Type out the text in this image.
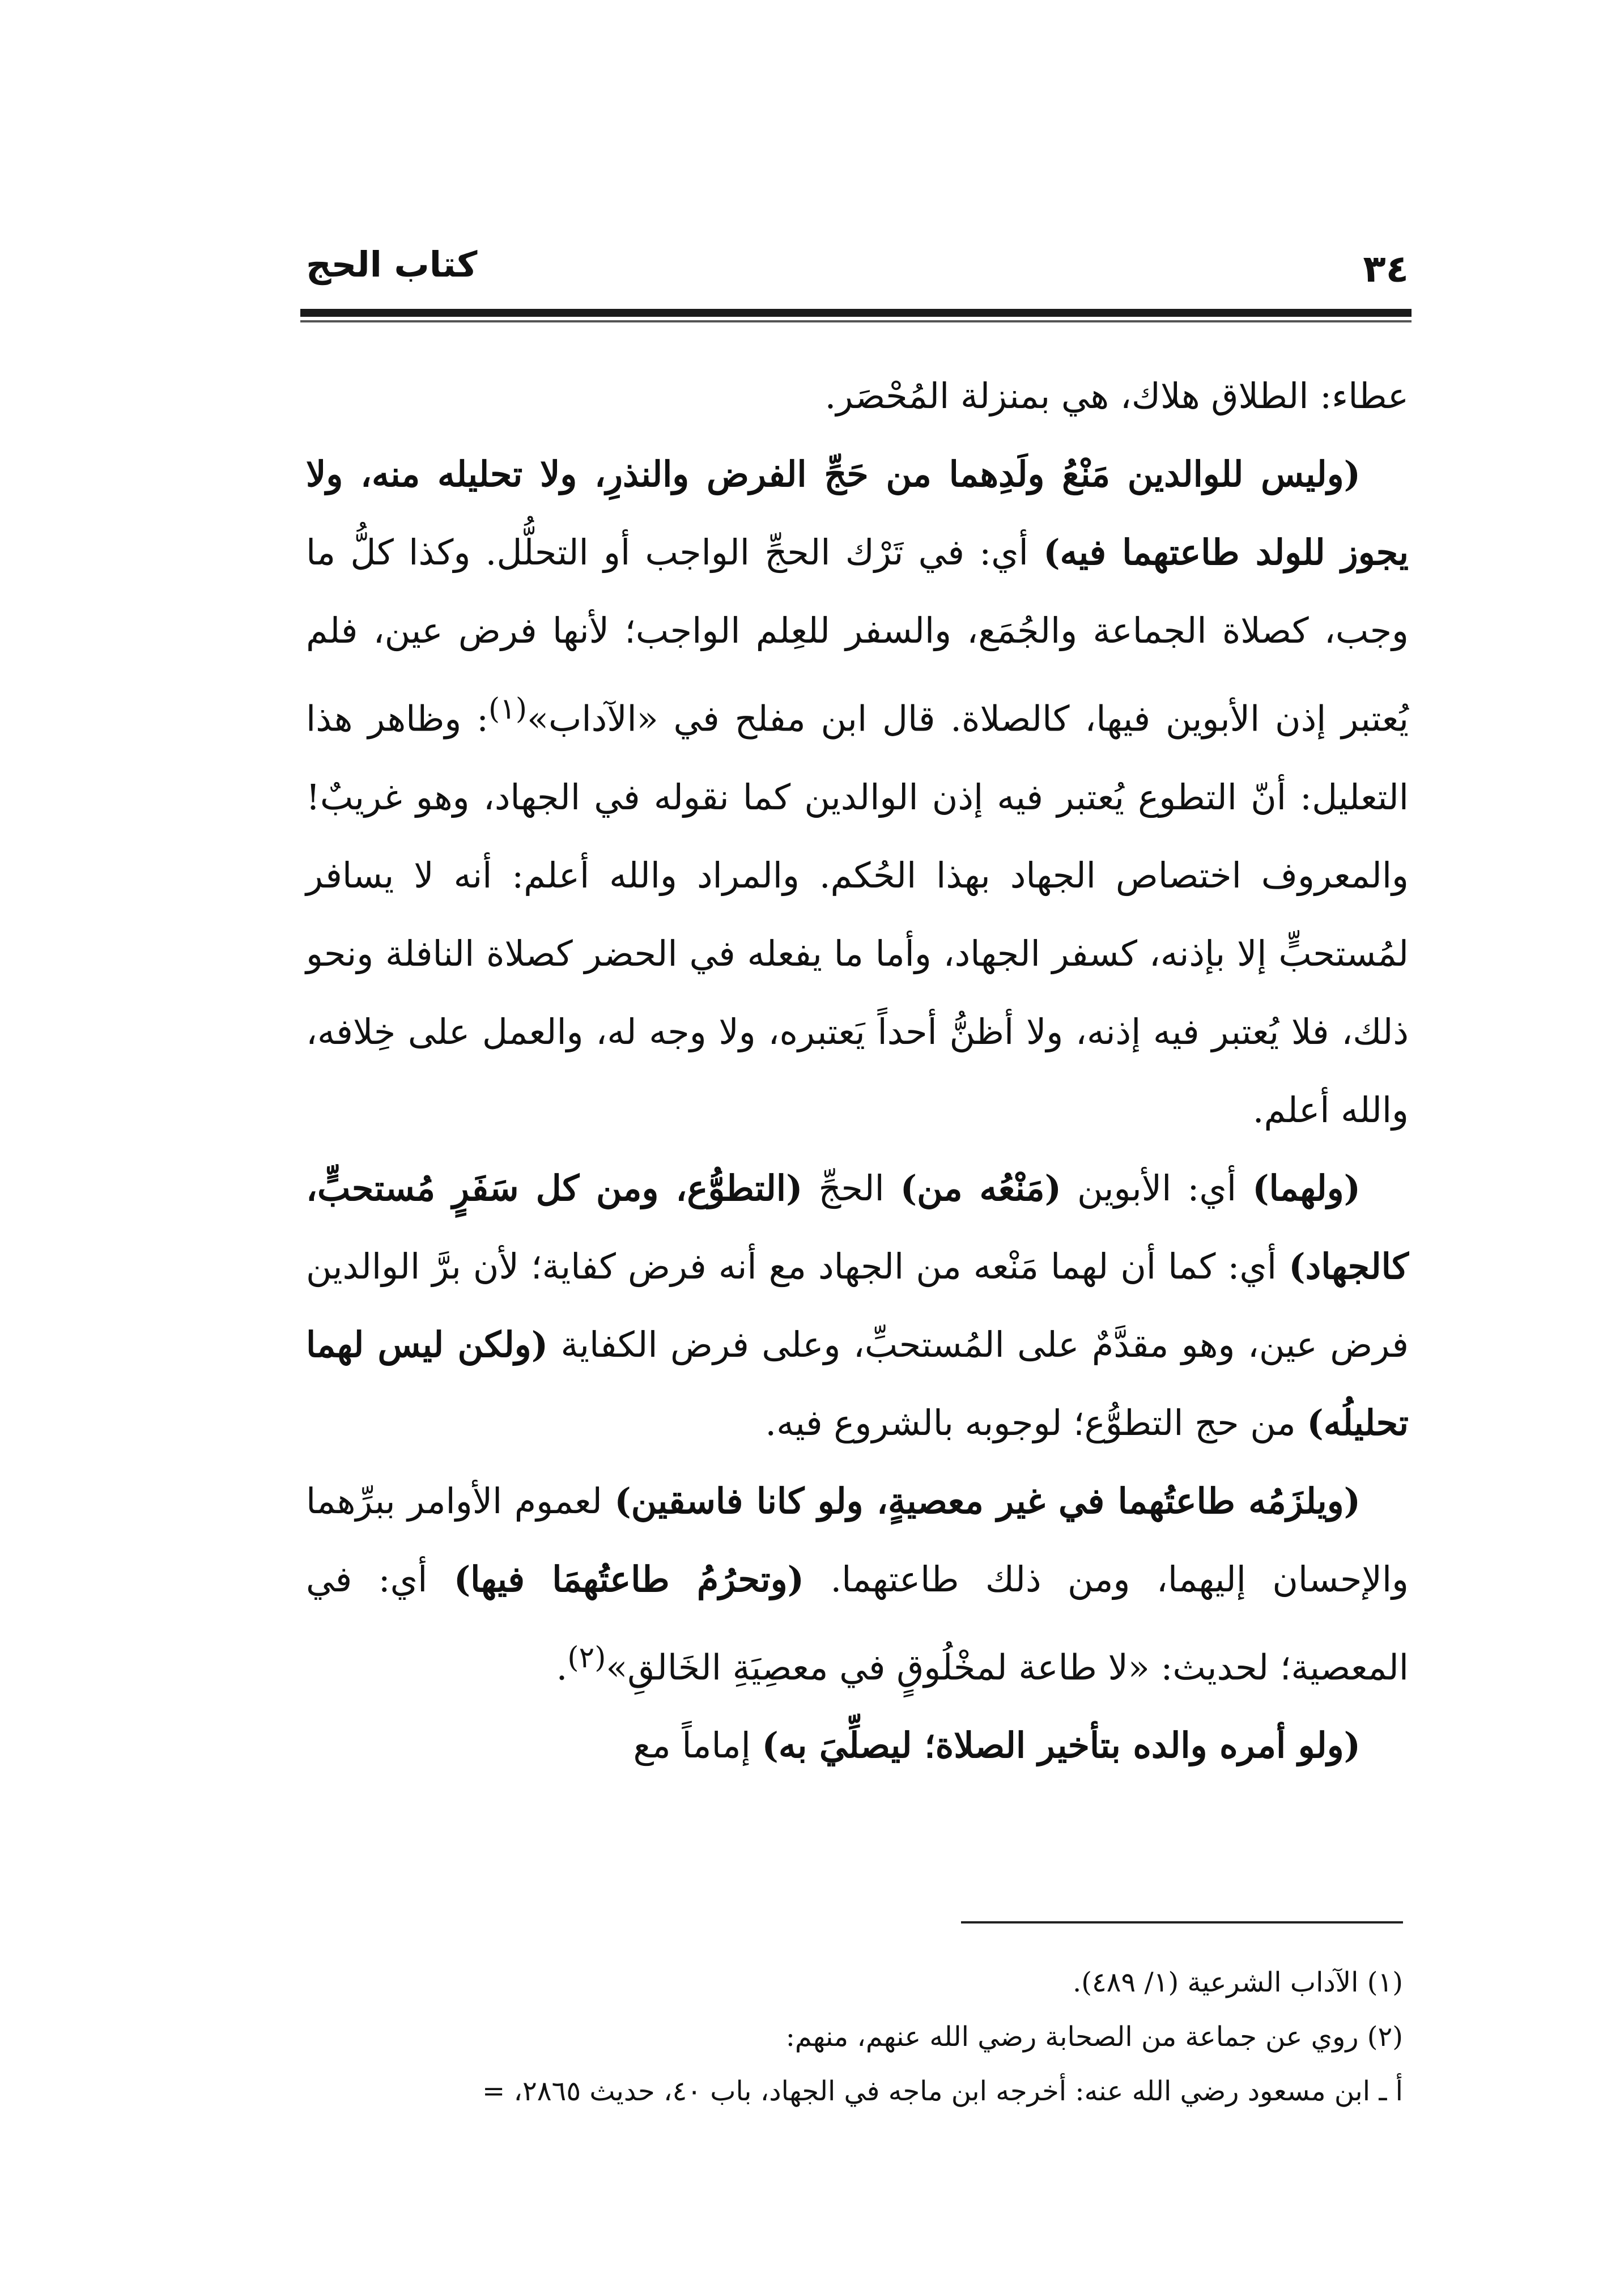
٣٤
كتاب الحج

عطاء: الطلاق هلاك، هي بمنزلة المُحْصَر.

(وليس للوالدين مَنْعُ ولَدِهما من حَجِّ الفرض والنذرِ، ولا تحليله منه، ولا يجوز للولد طاعتهما فيه) أي: في تَرْك الحجِّ الواجب أو التحلُّل. وكذا كلُّ ما وجب، كصلاة الجماعة والجُمَع، والسفر للعِلم الواجب؛ لأنها فرض عين، فلم يُعتبر إذن الأبوين فيها، كالصلاة. قال ابن مفلح في «الآداب»$^{(١)}$: وظاهر هذا التعليل: أنّ التطوع يُعتبر فيه إذن الوالدين كما نقوله في الجهاد، وهو غريبٌ! والمعروف اختصاص الجهاد بهذا الحُكم. والمراد والله أعلم: أنه لا يسافر لمُستحبٍّ إلا بإذنه، كسفر الجهاد، وأما ما يفعله في الحضر كصلاة النافلة ونحو ذلك، فلا يُعتبر فيه إذنه، ولا أظنُّ أحداً يَعتبره، ولا وجه له، والعمل على خِلافه، والله أعلم.

(ولهما) أي: الأبوين (مَنْعُه من) الحجِّ (التطوُّع، ومن كل سَفَرٍ مُستحبٍّ، كالجهاد) أي: كما أن لهما مَنْعه من الجهاد مع أنه فرض كفاية؛ لأن برَّ الوالدين فرض عين، وهو مقدَّمٌ على المُستحبِّ، وعلى فرض الكفاية (ولكن ليس لهما تحليلُه) من حج التطوُّع؛ لوجوبه بالشروع فيه.

(ويلزَمُه طاعتُهما في غير معصيةٍ، ولو كانا فاسقين) لعموم الأوامر ببرِّهما والإحسان إليهما، ومن ذلك طاعتهما. (وتحرُمُ طاعتُهمَا فيها) أي: في المعصية؛ لحديث: «لا طاعة لمخْلُوقٍ في معصِيَةِ الخَالقِ»$^{(٢)}$.

(ولو أمره والده بتأخير الصلاة؛ ليصلِّيَ به) إماماً مع

(١) الآداب الشرعية (١/ ٤٨٩).

(٢) روي عن جماعة من الصحابة رضي الله عنهم، منهم:

أ ـ ابن مسعود رضي الله عنه: أخرجه ابن ماجه في الجهاد، باب ٤٠، حديث ٢٨٦٥، =
